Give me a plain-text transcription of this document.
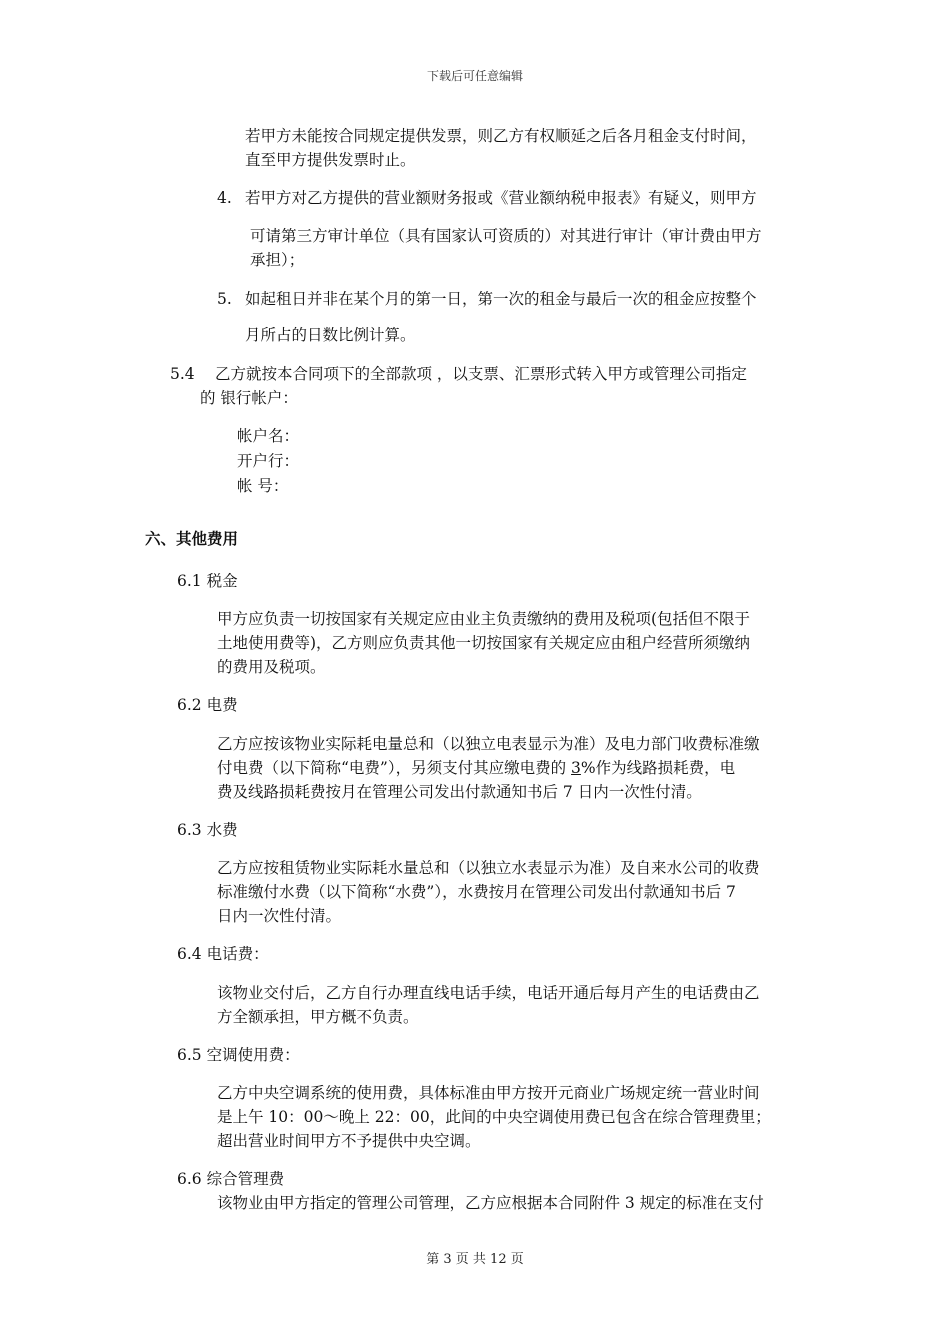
下载后可任意编辑
若甲方未能按合同规定提供发票，则乙方有权顺延之后各月租金支付时间，
直至甲方提供发票时止。
4. 若甲方对乙方提供的营业额财务报或《营业额纳税申报表》有疑义，则甲方
可请第三方审计单位（具有国家认可资质的）对其进行审计（审计费由甲方
承担）；
5. 如起租日并非在某个月的第一日，第一次的租金与最后一次的租金应按整个
月所占的日数比例计算。
5.4 乙方就按本合同项下的全部款项 ，以支票、汇票形式转入甲方或管理公司指定
的 银行帐户：
帐户名：
开户行：
帐 号：
六、其他费用
6.1 税金
甲方应负责一切按国家有关规定应由业主负责缴纳的费用及税项(包括但不限于
土地使用费等)，乙方则应负责其他一切按国家有关规定应由租户经营所须缴纳
的费用及税项。
6.2 电费
乙方应按该物业实际耗电量总和（以独立电表显示为准）及电力部门收费标准缴
付电费（以下简称“电费”），另须支付其应缴电费的 3%作为线路损耗费，电
费及线路损耗费按月在管理公司发出付款通知书后 7 日内一次性付清。
6.3 水费
乙方应按租赁物业实际耗水量总和（以独立水表显示为准）及自来水公司的收费
标准缴付水费（以下简称“水费”），水费按月在管理公司发出付款通知书后 7
日内一次性付清。
6.4 电话费：
该物业交付后，乙方自行办理直线电话手续，电话开通后每月产生的电话费由乙
方全额承担，甲方概不负责。
6.5 空调使用费：
乙方中央空调系统的使用费，具体标准由甲方按开元商业广场规定统一营业时间
是上午 10：00～晚上 22：00，此间的中央空调使用费已包含在综合管理费里；
超出营业时间甲方不予提供中央空调。
6.6 综合管理费
该物业由甲方指定的管理公司管理，乙方应根据本合同附件 3 规定的标准在支付
第 3 页 共 12 页
